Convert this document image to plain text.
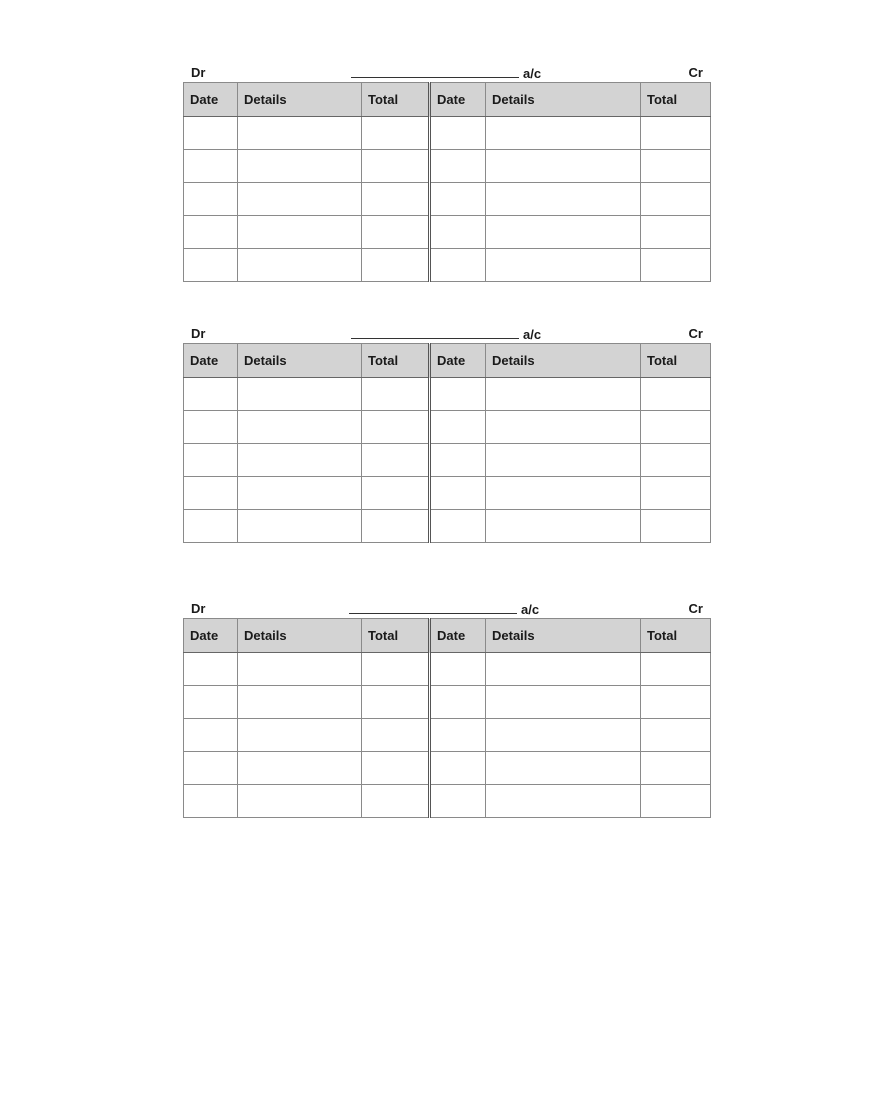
Dr	a/c	Cr
Date	Details	Total	Date	Details	Total

Dr	a/c	Cr
Date	Details	Total	Date	Details	Total

Dr	a/c	Cr
Date	Details	Total	Date	Details	Total
